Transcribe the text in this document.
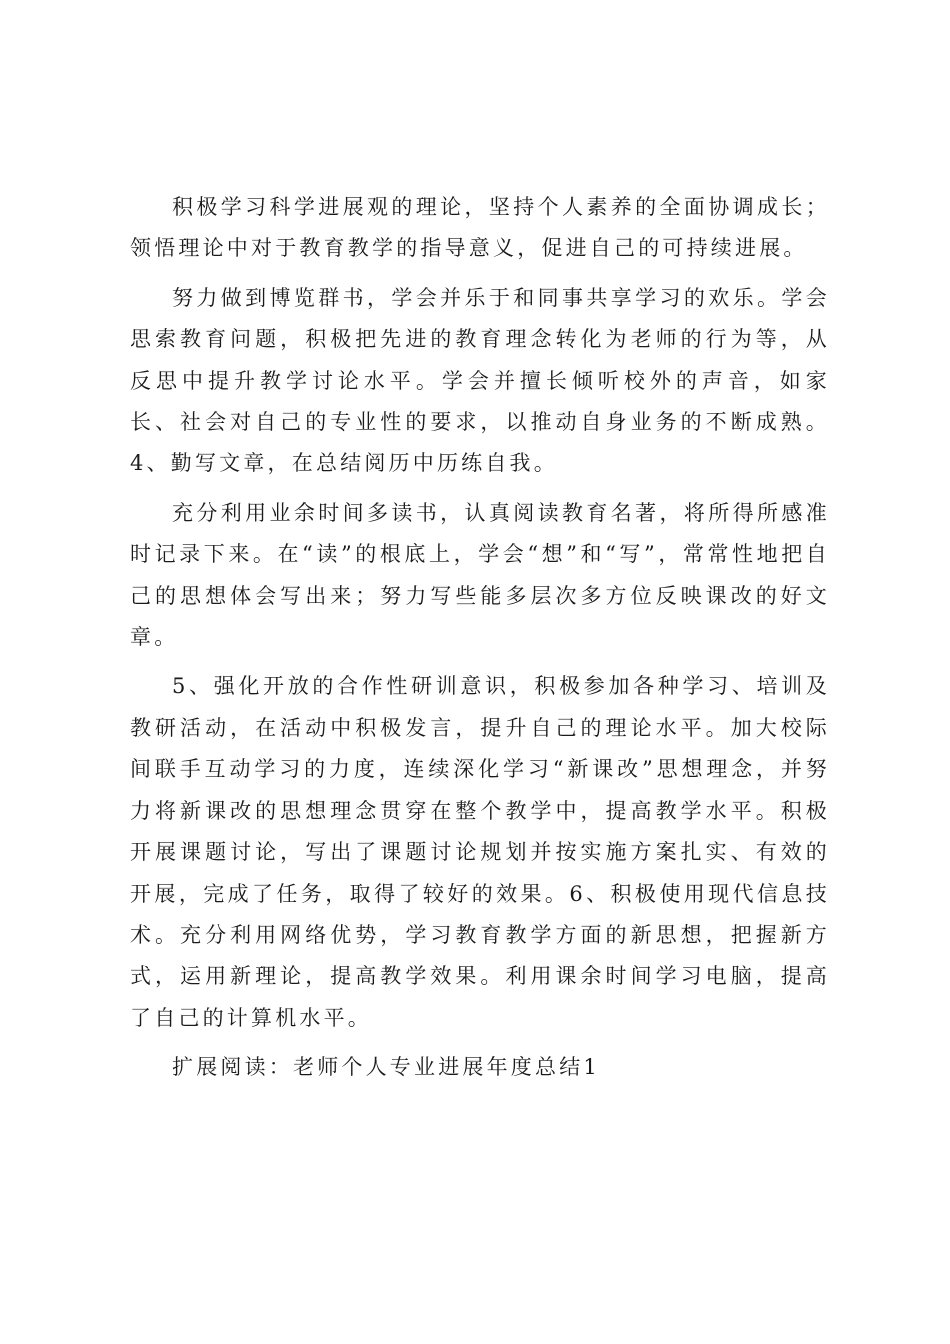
积极学习科学进展观的理论，坚持个人素养的全面协调成长；领悟理论中对于教育教学的指导意义，促进自己的可持续进展。

努力做到博览群书，学会并乐于和同事共享学习的欢乐。学会思索教育问题，积极把先进的教育理念转化为老师的行为等，从反思中提升教学讨论水平。学会并擅长倾听校外的声音，如家长、社会对自己的专业性的要求，以推动自身业务的不断成熟。4、勤写文章，在总结阅历中历练自我。

充分利用业余时间多读书，认真阅读教育名著，将所得所感准时记录下来。在“读”的根底上，学会“想”和“写”，常常性地把自己的思想体会写出来；努力写些能多层次多方位反映课改的好文章。

5、强化开放的合作性研训意识，积极参加各种学习、培训及教研活动，在活动中积极发言，提升自己的理论水平。加大校际间联手互动学习的力度，连续深化学习“新课改”思想理念，并努力将新课改的思想理念贯穿在整个教学中，提高教学水平。积极开展课题讨论，写出了课题讨论规划并按实施方案扎实、有效的开展，完成了任务，取得了较好的效果。6、积极使用现代信息技术。充分利用网络优势，学习教育教学方面的新思想，把握新方式，运用新理论，提高教学效果。利用课余时间学习电脑，提高了自己的计算机水平。

扩展阅读：老师个人专业进展年度总结1
